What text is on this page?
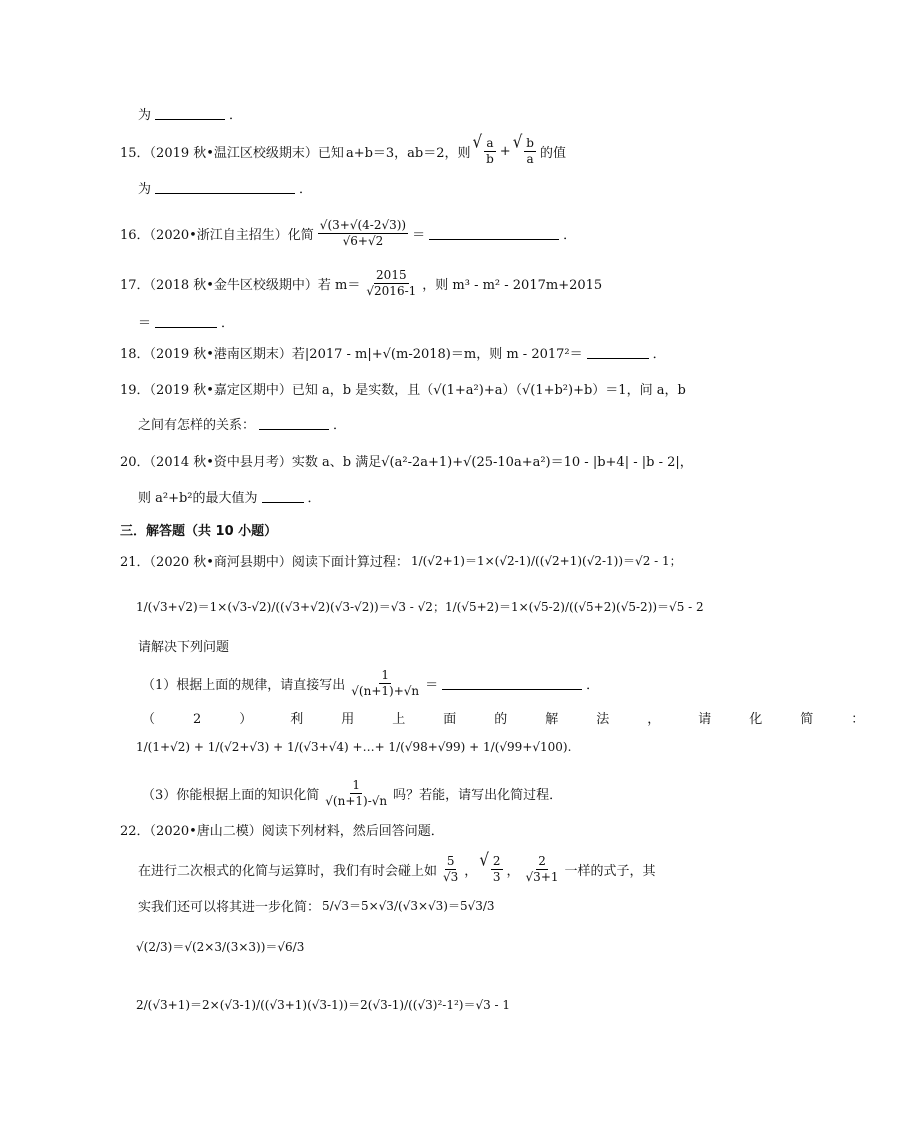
为	．
15．（2019 秋•温江区校级期末）已知 a+b＝3，ab＝2，则
√ $\frac{a}{b}$ + √ $\frac{b}{a}$ 的值
为	．
16．（2020•浙江自主招生）化简 $\frac{√(3+√(4-2√3))}{√6+√2}$ ＝	．
17．（2018 秋•金牛区校级期中）若 $m= \frac{2015}{√2016-1}$ ，则 m³ - m² - 2017m+2015
＝	．
18．（2019 秋•港南区期末）若|2017 - m|+√(m-2018)＝m，则 m - 2017²＝	．
19．（2019 秋•嘉定区期中）已知 a，b 是实数，且（√(1+a²)+a）（√(1+b²)+b）＝1，问 a，b
之间有怎样的关系：	．
20．（2014 秋•资中县月考）实数 a、b 满足√(a²-2a+1)+√(25-10a+a²)＝10 - |b+4| - |b - 2|，
则 a²+b²的最大值为	．
三．解答题（共 10 小题）
21．（2020 秋•商河县期中）阅读下面计算过程： 1/(√2+1)＝1×(√2-1)/((√2+1)(√2-1))＝√2 - 1；
1/(√3+√2)＝1×(√3-√2)/((√3+√2)(√3-√2))＝√3 - √2；1/(√5+2)＝1×(√5-2)/((√5+2)(√5-2))＝√5 - 2
请解决下列问题
（1）根据上面的规律，请直接写出 $\frac{1}{√(n+1)+√n}$ ＝	．
（2）利用上面的解法，请化简：
1/(1+√2) + 1/(√2+√3) + 1/(√3+√4) +…+ 1/(√98+√99) + 1/(√99+√100).
（3）你能根据上面的知识化简 $\frac{1}{√(n+1)-√n}$ 吗？若能，请写出化简过程．
22．（2020•唐山二模）阅读下列材料，然后回答问题．
在进行二次根式的化简与运算时，我们有时会碰上如 $\frac{5}{√3}$ ，
√ $\frac{2}{3}$ ， $\frac{2}{√3+1}$ 一样的式子，其
实我们还可以将其进一步化简： 5/√3＝5×√3/(√3×√3)＝5√3/3
√(2/3)＝√(2×3/(3×3))＝√6/3
2/(√3+1)＝2×(√3-1)/((√3+1)(√3-1))＝2(√3-1)/((√3)²-1²)＝√3 - 1
